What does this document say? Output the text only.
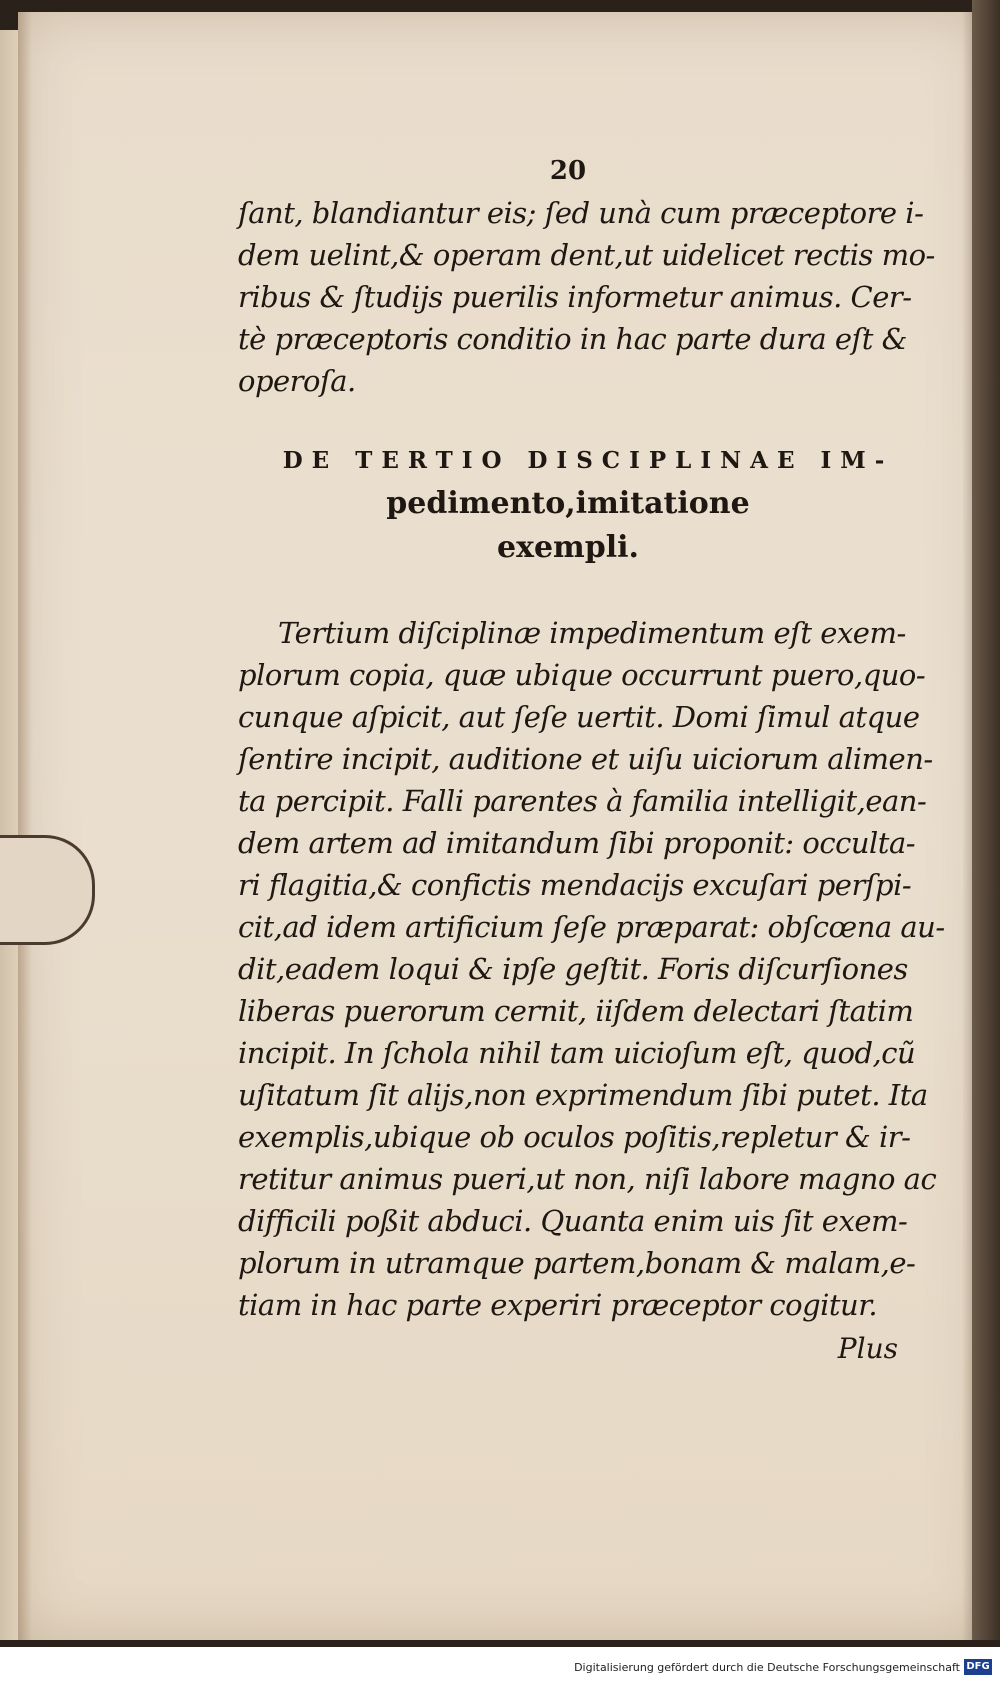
20
ſant, blandiantur eis; ſed unà cum præceptore i-
dem uelint,& operam dent,ut uidelicet rectis mo-
ribus & ſtudijs puerilis informetur animus. Cer-
tè præceptoris conditio in hac parte dura eſt &
operoſa.
DE TERTIO DISCIPLINAE IM-
pedimento,imitatione
exempli.
Tertium diſciplinæ impedimentum eſt exem-
plorum copia, quæ ubique occurrunt puero,quo-
cunque aſpicit, aut ſeſe uertit. Domi ſimul atque
ſentire incipit, auditione et uiſu uiciorum alimen-
ta percipit. Falli parentes à familia intelligit,ean-
dem artem ad imitandum ſibi proponit: occulta-
ri flagitia,& confictis mendacijs excuſari perſpi-
cit,ad idem artificium ſeſe præparat: obſcœna au-
dit,eadem loqui & ipſe geſtit. Foris diſcurſiones
liberas puerorum cernit, iiſdem delectari ſtatim
incipit. In ſchola nihil tam uicioſum eſt, quod,cũ
uſitatum ſit alijs,non exprimendum ſibi putet. Ita
exemplis,ubique ob oculos poſitis,repletur & ir-
retitur animus pueri,ut non, niſi labore magno ac
difficili poßit abduci. Quanta enim uis ſit exem-
plorum in utramque partem,bonam & malam,e-
tiam in hac parte experiri præceptor cogitur.
Plus
Digitalisierung gefördert durch die Deutsche Forschungsgemeinschaft DFG
